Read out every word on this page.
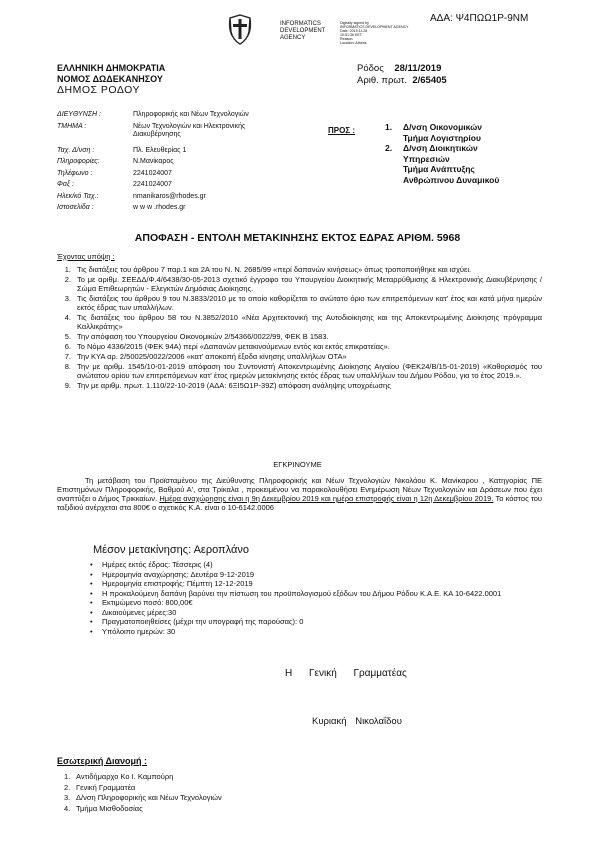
ΑΔΑ: Ψ4ΠΩΩ1Ρ-9ΝΜ
INFORMATICS
DEVELOPMENT
AGENCY
Digitally signed by
INFORMATICS DEVELOPMENT AGENCY
Date: 2019.11.28
10:51:36 EET
Reason:
Location: Athens
ΕΛΛΗΝΙΚΗ ΔΗΜΟΚΡΑΤΙΑ
ΝΟΜΟΣ ΔΩΔΕΚΑΝΗΣΟΥ
ΔΗΜΟΣ ΡΟΔΟΥ
Ρόδος 28/11/2019
Αριθ. πρωτ. 2/65405
ΔΙΕΥΘΥΝΣΗ :	Πληροφορικής και Νέων Τεχνολογιών
ΤΜΗΜΑ :	Νέων Τεχνολογιών και Ηλεκτρονικής Διακυβέρνησης
Ταχ. Δ/νση :	Πλ. Ελευθερίας 1
Πληροφορίες:	Ν.Μανίκαρος
Τηλέφωνο :	2241024007
Φαξ :	2241024007
Ηλεκ/κό Ταχ.:	nmanikaros@rhodes.gr
Ιστοσελίδα :	w w w .rhodes.gr
ΠΡΟΣ :	1. Δ/νση Οικονομικών
Τμήμα Λογιστηρίου
2. Δ/νση Διοικητικών
Υπηρεσιών
Τμήμα Ανάπτυξης
Ανθρώπινου Δυναμικού
ΑΠΟΦΑΣΗ - ΕΝΤΟΛΗ ΜΕΤΑΚΙΝΗΣΗΣ ΕΚΤΟΣ ΕΔΡΑΣ ΑΡΙΘΜ. 5968
Έχοντας υπόψη :
1. Τις διατάξεις του άρθρου 7 παρ.1 και 2Α του Ν. Ν. 2685/99 «περί δαπανών κινήσεως» όπως τροποποιήθηκε και ισχύει.
2. Το με αριθμ. ΣΕΕΔΔ/Φ.4/6438/30-05-2013 σχετικό έγγραφο του Υπουργείου Διοικητικής Μεταρρύθμισης & Ηλεκτρονικής Διακυβέρνησης / Σώμα Επιθεωρητών - Ελεγκτών Δημόσιας Διοίκησης.
3. Τις διατάξεις του άρθρου 9 του Ν.3833/2010 με το οποίο καθορίζεται το ανώτατο όριο των επιτρεπόμενων κατ' έτος και κατά μήνα ημερών εκτός έδρας των υπαλλήλων.
4. Τις διατάξεις του άρθρου 58 του Ν.3852/2010 «Νέα Αρχιτεκτονική της Αυτοδιοίκησης και της Αποκεντρωμένης Διοίκησης πρόγραμμα Καλλικράτης»
5. Την απόφαση του Υπουργείου Οικονομικών 2/54366/0022/99, ΦΕΚ Β 1583.
6. Το Νόμο 4336/2015 (ΦΕΚ 94Α) περί «Δαπανών μετακινούμενων εντός και εκτός επικρατείας».
7. Την ΚΥΑ αρ. 2/50025/0022/2006 «κατ' αποκοπή έξοδα κίνησης υπαλλήλων ΟΤΑ»
8. Την με αριθμ. 1545/10-01-2019 απόφαση του Συντονιστή Αποκεντρωμένης Διοίκησης Αιγαίου (ΦΕΚ24/Β/15-01-2019) «Καθορισμός του ανώτατου ορίου των επιτρεπόμενων κατ' έτος ημερών μετακίνησης εκτός έδρας των υπαλλήλων του Δήμου Ρόδου, για το έτος 2019.».
9. Την με αριθμ. πρωτ. 1.110/22-10-2019 (ΑΔΑ: 6ΞΙ5Ω1Ρ-39Ζ) απόφαση ανάληψης υποχρέωσης
ΕΓΚΡΙΝΟΥΜΕ
Τη μετάβαση του Προϊσταμένου της Διεύθυνσης Πληροφορικής και Νέων Τεχνολογιών Νικολάου Κ. Μανίκαρου , Κατηγορίας ΠΕ Επιστημόνων Πληροφορικής, Βαθμού Α', στα Τρίκαλα , προκειμένου να παρακολουθήσει Ενημέρωση Νέων Τεχνολογιών και Δράσεων που έχει αναπτύξει ο Δήμος Τρικκαίων. Ημέρα αναχώρησης είναι η 9η Δεκεμβρίου 2019 και ημέρα επιστροφής είναι η 12η Δεκεμβρίου 2019. Το κόστος του ταξιδιού ανέρχεται στα 800€ ο σχετικός Κ.Α. είναι ο 10-6142.0006
Μέσον μετακίνησης: Αεροπλάνο
•	Ημέρες εκτός έδρας: Τέσσερις (4)
•	Ημερομηνία αναχώρησης: Δευτέρα 9-12-2019
•	Ημερομηνία επιστροφής: Πέμπτη 12-12-2019
•	Η προκαλούμενη δαπάνη βαρύνει την πίστωση του προϋπολογισμού εξόδων του Δήμου Ρόδου Κ.Α.Ε. ΚΑ 10-6422.0001
•	Εκτιμώμενο ποσό: 800,00€
•	Δικαιούμενες μέρες:30
•	Πραγματοποιηθείσες (μέχρι την υπογραφή της παρούσας): 0
•	Υπόλοιπο ημερών: 30
Η Γενική Γραμματέας
Κυριακή Νικολαΐδου
Εσωτερική Διανομή :
1. Αντιδήμαρχο Κο Ι. Καμπούρη
2. Γενική Γραμματέα
3. Δ/νση Πληροφορικής και Νέων Τεχνολογιών
4. Τμήμα Μισθοδοσίας
